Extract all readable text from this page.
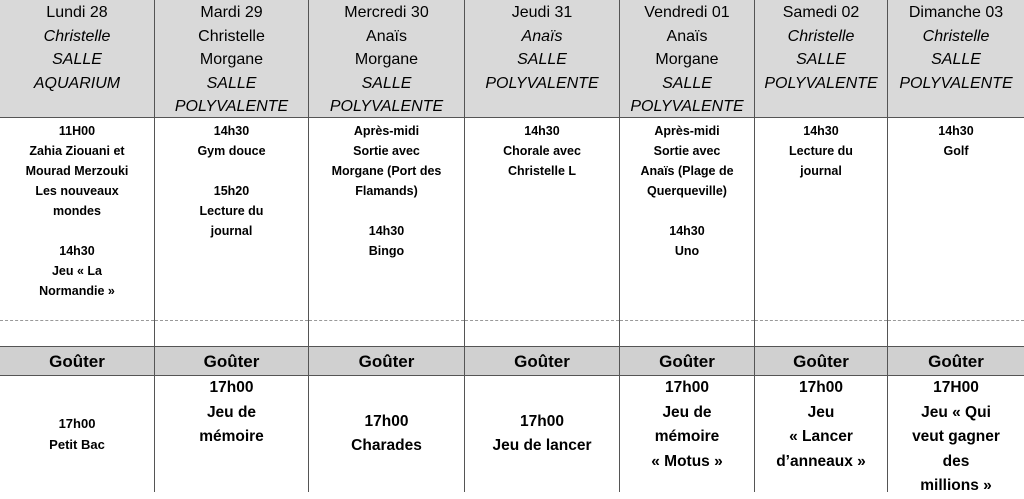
Lundi 28
Christelle
SALLE
AQUARIUM
11H00
Zahia Ziouani et
Mourad Merzouki
Les nouveaux
mondes
14h30
Jeu « La
Normandie »
Goûter
17h00
Petit Bac
Mardi 29
Christelle
Morgane
SALLE
POLYVALENTE
14h30
Gym douce
15h20
Lecture du
journal
Goûter
17h00
Jeu de
mémoire
Mercredi 30
Anaïs
Morgane
SALLE
POLYVALENTE
Après-midi
Sortie avec
Morgane (Port des
Flamands)
14h30
Bingo
Goûter
17h00
Charades
Jeudi 31
Anaïs
SALLE
POLYVALENTE
14h30
Chorale avec
Christelle L
Goûter
17h00
Jeu de lancer
Vendredi 01
Anaïs
Morgane
SALLE
POLYVALENTE
Après-midi
Sortie avec
Anaïs (Plage de
Querqueville)
14h30
Uno
Goûter
17h00
Jeu de
mémoire
« Motus »
Samedi 02
Christelle
SALLE
POLYVALENTE
14h30
Lecture du
journal
Goûter
17h00
Jeu
« Lancer
d’anneaux »
Dimanche 03
Christelle
SALLE
POLYVALENTE
14h30
Golf
Goûter
17H00
Jeu « Qui
veut gagner
des
millions »
